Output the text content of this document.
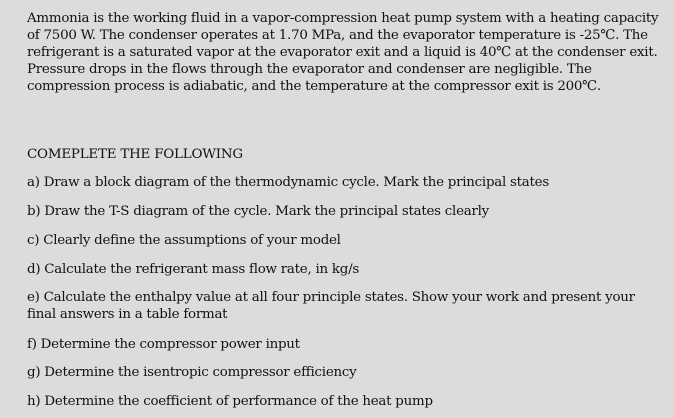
Ammonia is the working fluid in a vapor-compression heat pump system with a heating capacity of 7500 W. The condenser operates at 1.70 MPa, and the evaporator temperature is -25℃. The refrigerant is a saturated vapor at the evaporator exit and a liquid is 40℃ at the condenser exit. Pressure drops in the flows through the evaporator and condenser are negligible. The compression process is adiabatic, and the temperature at the compressor exit is 200℃.

COMEPLETE THE FOLLOWING

a) Draw a block diagram of the thermodynamic cycle. Mark the principal states

b) Draw the T-S diagram of the cycle. Mark the principal states clearly

c) Clearly define the assumptions of your model

d) Calculate the refrigerant mass flow rate, in kg/s

e) Calculate the enthalpy value at all four principle states. Show your work and present your final answers in a table format

f) Determine the compressor power input

g) Determine the isentropic compressor efficiency

h) Determine the coefficient of performance of the heat pump
